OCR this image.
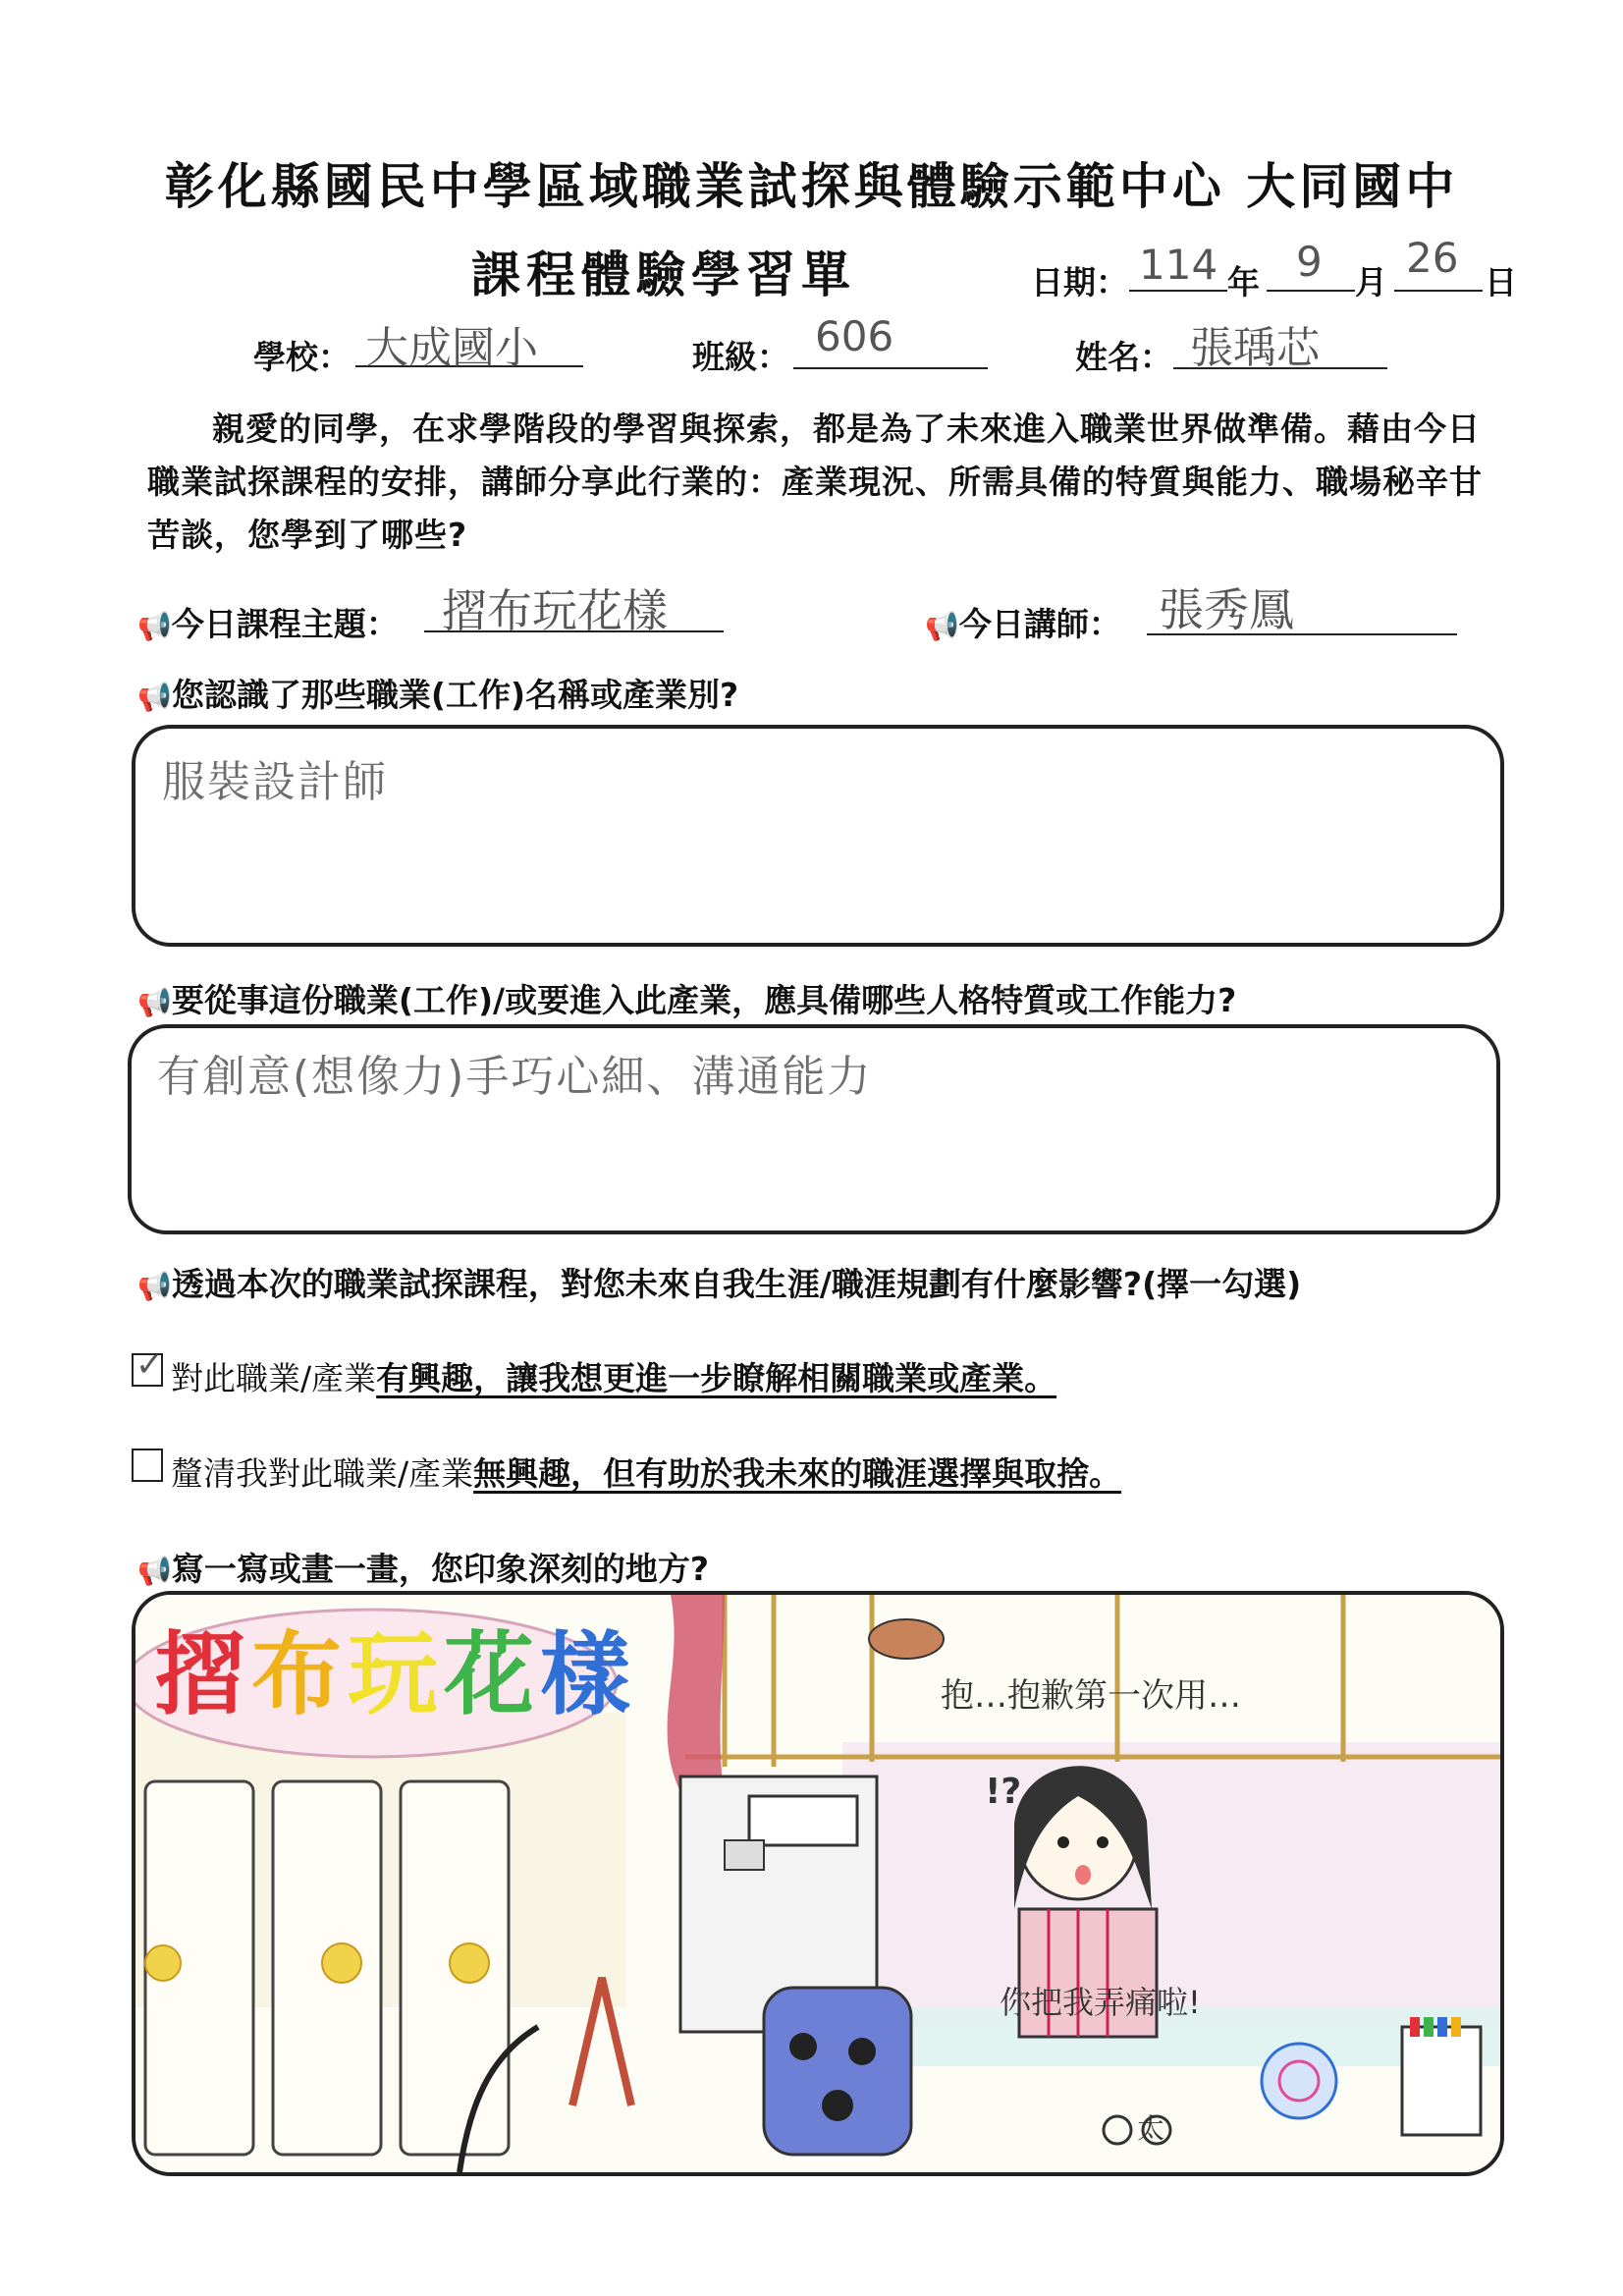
彰化縣國民中學區域職業試探與體驗示範中心 大同國中
課程體驗學習單	日期： 114 年 9 月
26
日
學校： 大成國小	班級： 606	姓名： 張瑀芯
親愛的同學，在求學階段的學習與探索，都是為了未來進入職業世界做準備。藉由今日職業試探課程的安排，講師分享此行業的：產業現況、所需具備的特質與能力、職場秘辛甘苦談，您學到了哪些?
📢今日課程主題： 摺布玩花樣	📢今日講師： 張秀鳳
📢您認識了那些職業(工作)名稱或產業別?
服裝設計師
📢要從事這份職業(工作)/或要進入此產業，應具備哪些人格特質或工作能力?
有創意(想像力)手巧心細、溝通能力
📢透過本次的職業試探課程，對您未來自我生涯/職涯規劃有什麼影響?(擇一勾選)
✓ 對此職業/產業有興趣，讓我想更進一步瞭解相關職業或產業。
釐清我對此職業/產業無興趣，但有助於我未來的職涯選擇與取捨。
📢寫一寫或畫一畫，您印象深刻的地方?
摺布玩花樣	抱…抱歉第一次用…
!?
你把我弄痛啦!
太
